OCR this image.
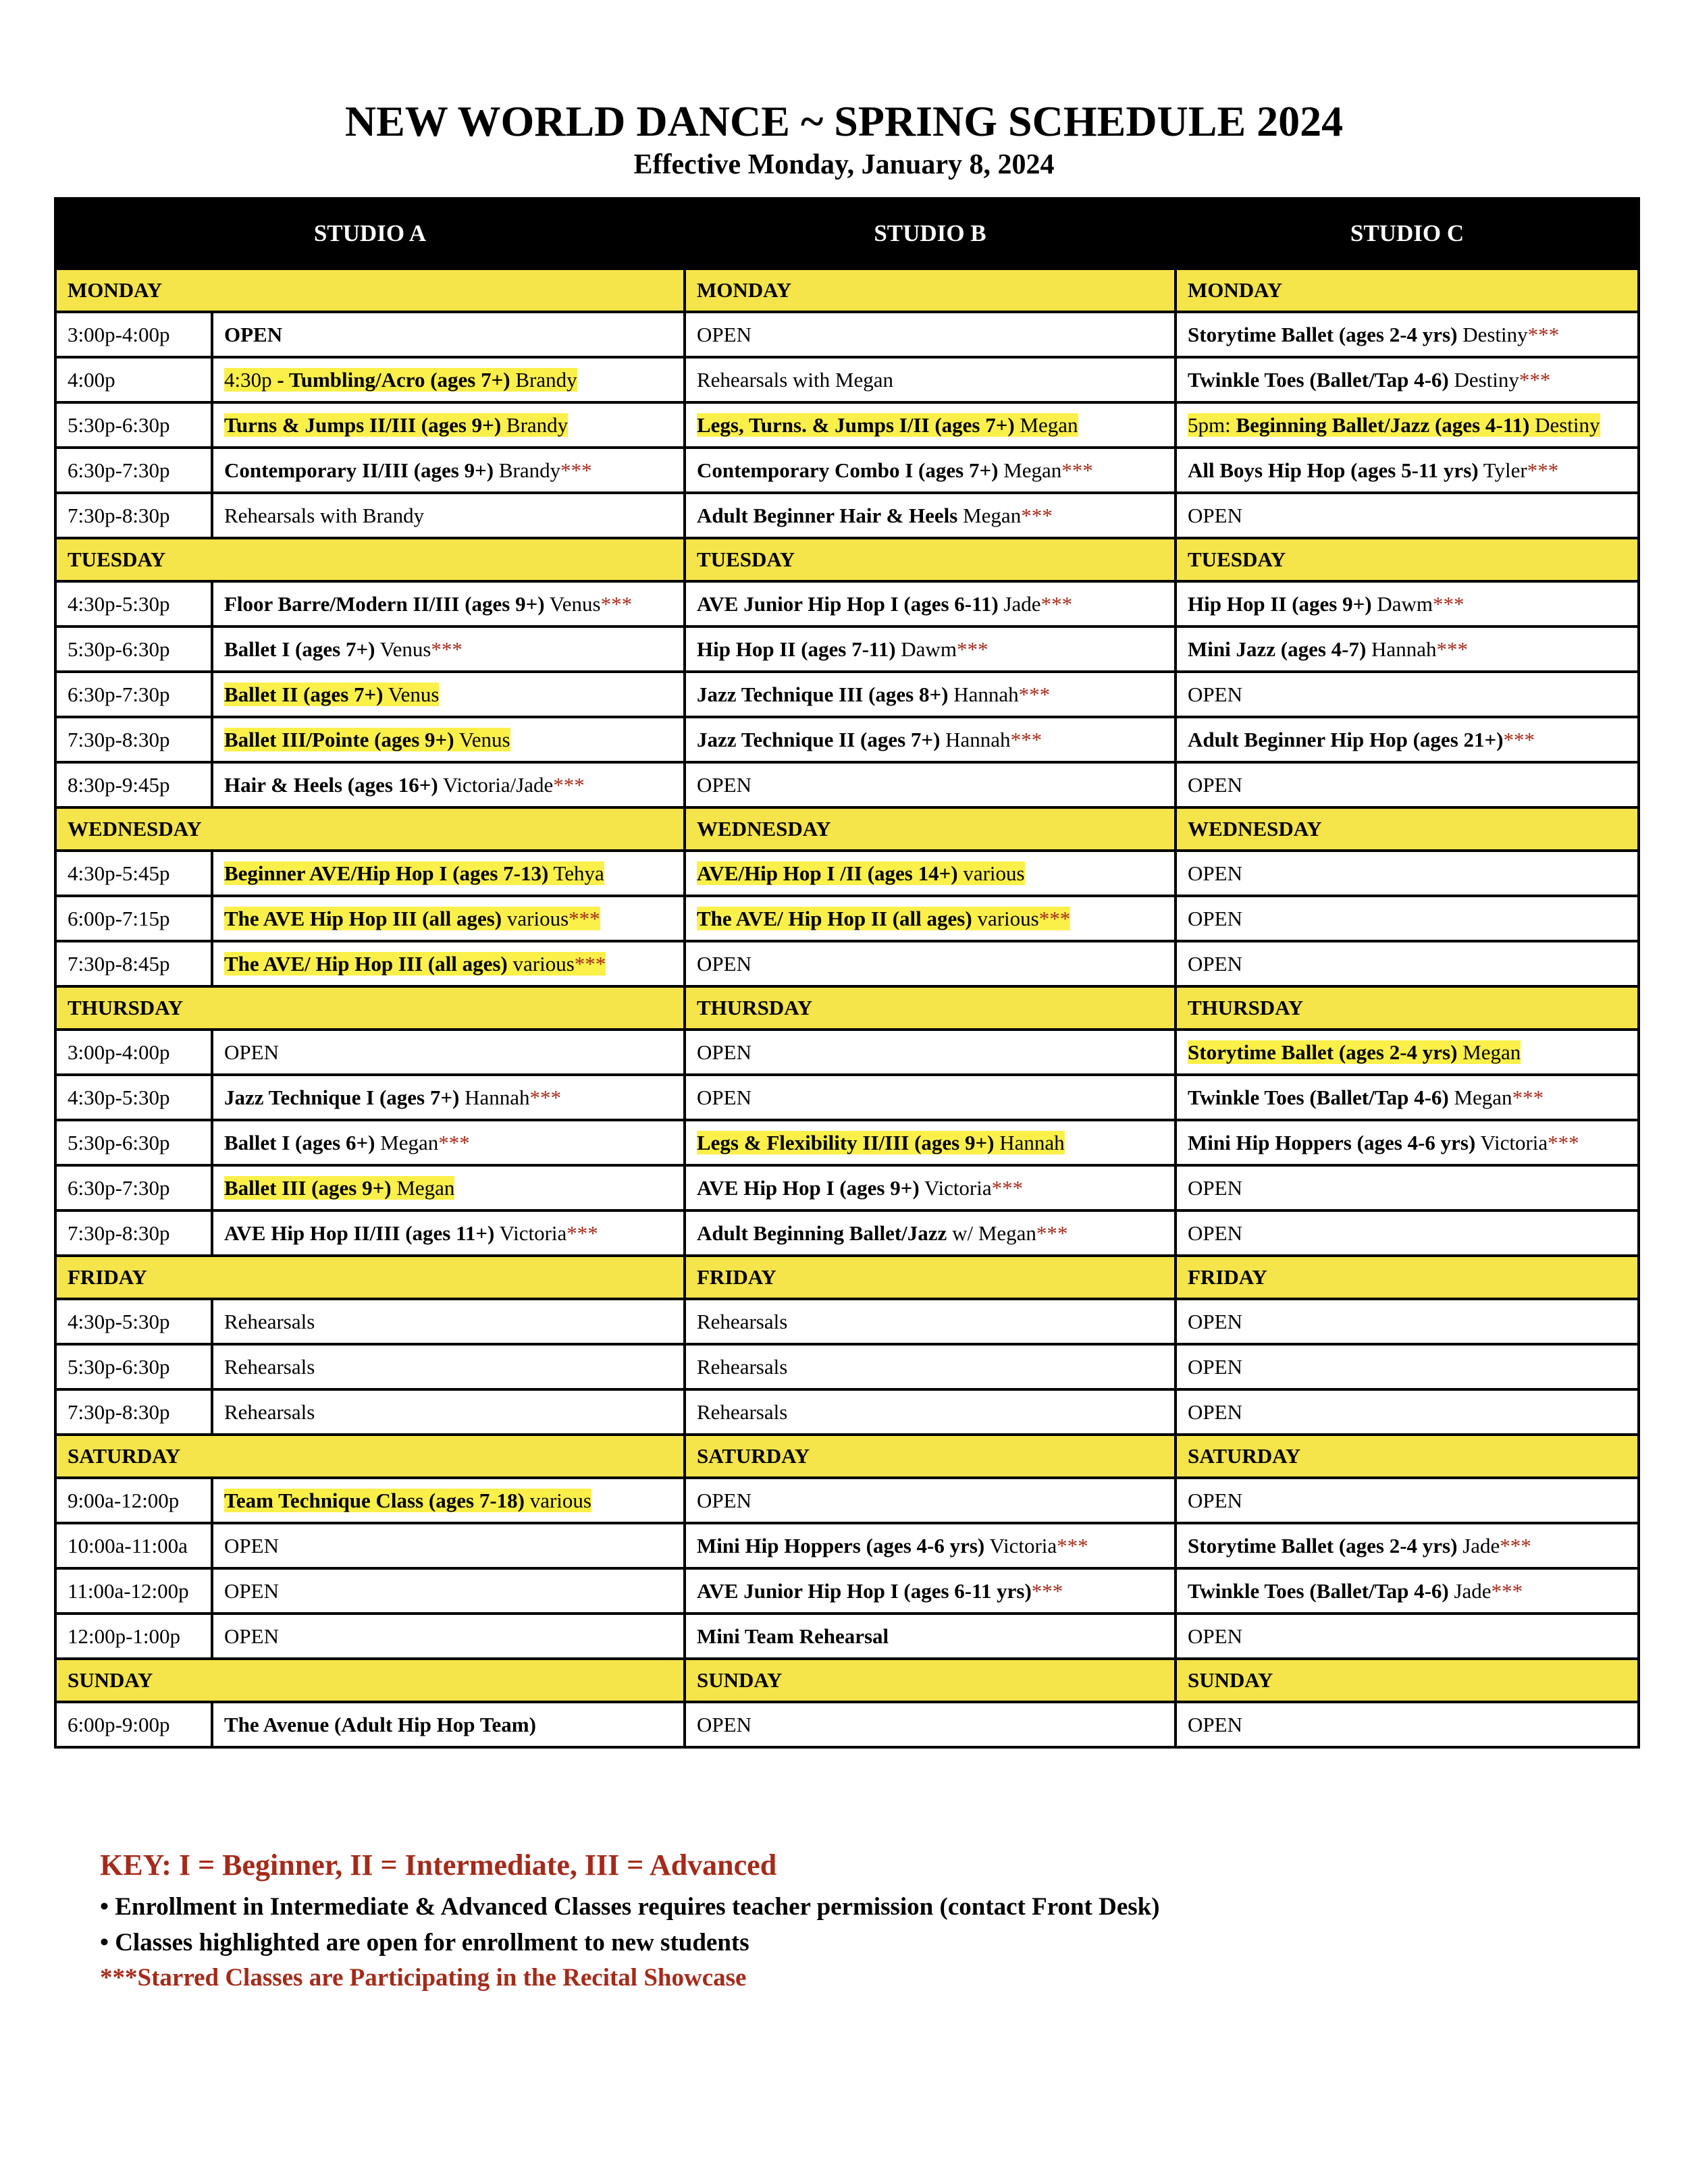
NEW WORLD DANCE ~ SPRING SCHEDULE 2024
Effective Monday, January 8, 2024
STUDIO A		STUDIO B	STUDIO C
MONDAY		MONDAY	MONDAY
3:00p-4:00p	OPEN	OPEN	Storytime Ballet (ages 2-4 yrs) Destiny***
4:00p	4:30p - Tumbling/Acro (ages 7+) Brandy	Rehearsals with Megan	Twinkle Toes (Ballet/Tap 4-6) Destiny***
5:30p-6:30p	Turns & Jumps II/III (ages 9+) Brandy	Legs, Turns. & Jumps I/II (ages 7+) Megan	5pm: Beginning Ballet/Jazz (ages 4-11) Destiny
6:30p-7:30p	Contemporary II/III (ages 9+) Brandy***	Contemporary Combo I (ages 7+) Megan***	All Boys Hip Hop (ages 5-11 yrs) Tyler***
7:30p-8:30p	Rehearsals with Brandy	Adult Beginner Hair & Heels Megan***	OPEN
TUESDAY		TUESDAY	TUESDAY
4:30p-5:30p	Floor Barre/Modern II/III (ages 9+) Venus***	AVE Junior Hip Hop I (ages 6-11) Jade***	Hip Hop II (ages 9+) Dawm***
5:30p-6:30p	Ballet I (ages 7+) Venus***	Hip Hop II (ages 7-11) Dawm***	Mini Jazz (ages 4-7) Hannah***
6:30p-7:30p	Ballet II (ages 7+) Venus	Jazz Technique III (ages 8+) Hannah***	OPEN
7:30p-8:30p	Ballet III/Pointe (ages 9+) Venus	Jazz Technique II (ages 7+) Hannah***	Adult Beginner Hip Hop (ages 21+)***
8:30p-9:45p	Hair & Heels (ages 16+) Victoria/Jade***	OPEN	OPEN
WEDNESDAY		WEDNESDAY	WEDNESDAY
4:30p-5:45p	Beginner AVE/Hip Hop I (ages 7-13) Tehya	AVE/Hip Hop I /II (ages 14+) various	OPEN
6:00p-7:15p	The AVE Hip Hop III (all ages) various***	The AVE/ Hip Hop II (all ages) various***	OPEN
7:30p-8:45p	The AVE/ Hip Hop III (all ages) various***	OPEN	OPEN
THURSDAY		THURSDAY	THURSDAY
3:00p-4:00p	OPEN	OPEN	Storytime Ballet (ages 2-4 yrs) Megan
4:30p-5:30p	Jazz Technique I (ages 7+) Hannah***	OPEN	Twinkle Toes (Ballet/Tap 4-6) Megan***
5:30p-6:30p	Ballet I (ages 6+) Megan***	Legs & Flexibility II/III (ages 9+) Hannah	Mini Hip Hoppers (ages 4-6 yrs) Victoria***
6:30p-7:30p	Ballet III (ages 9+) Megan	AVE Hip Hop I (ages 9+) Victoria***	OPEN
7:30p-8:30p	AVE Hip Hop II/III (ages 11+) Victoria***	Adult Beginning Ballet/Jazz w/ Megan***	OPEN
FRIDAY		FRIDAY	FRIDAY
4:30p-5:30p	Rehearsals	Rehearsals	OPEN
5:30p-6:30p	Rehearsals	Rehearsals	OPEN
7:30p-8:30p	Rehearsals	Rehearsals	OPEN
SATURDAY		SATURDAY	SATURDAY
9:00a-12:00p	Team Technique Class (ages 7-18) various	OPEN	OPEN
10:00a-11:00a	OPEN	Mini Hip Hoppers (ages 4-6 yrs) Victoria***	Storytime Ballet (ages 2-4 yrs) Jade***
11:00a-12:00p	OPEN	AVE Junior Hip Hop I (ages 6-11 yrs)***	Twinkle Toes (Ballet/Tap 4-6) Jade***
12:00p-1:00p	OPEN	Mini Team Rehearsal	OPEN
SUNDAY		SUNDAY	SUNDAY
6:00p-9:00p	The Avenue (Adult Hip Hop Team)	OPEN	OPEN
KEY: I = Beginner, II = Intermediate, III = Advanced
• Enrollment in Intermediate & Advanced Classes requires teacher permission (contact Front Desk)
• Classes highlighted are open for enrollment to new students
***Starred Classes are Participating in the Recital Showcase
